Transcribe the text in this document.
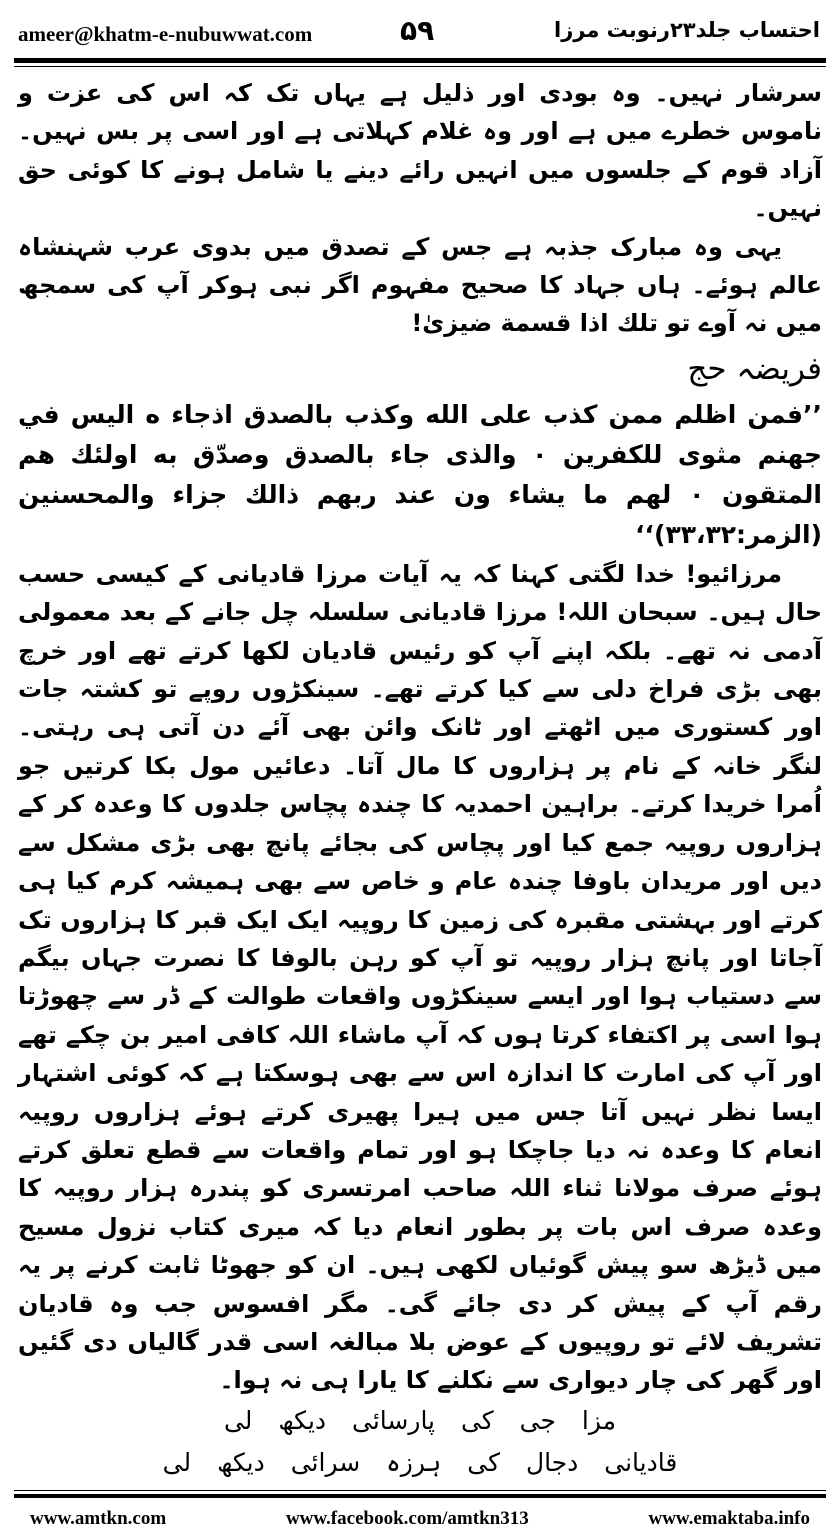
ameer@khatm-e-nubuwwat.com	۵۹	احتساب جلد۲۳رنوبت مرزا

سرشار نہیں۔ وہ بودی اور ذلیل ہے یہاں تک کہ اس کی عزت و ناموس خطرے میں ہے اور وہ غلام کہلاتی ہے اور اسی پر بس نہیں۔ آزاد قوم کے جلسوں میں انہیں رائے دینے یا شامل ہونے کا کوئی حق نہیں۔

یہی وہ مبارک جذبہ ہے جس کے تصدق میں بدوی عرب شہنشاہ عالم ہوئے۔ ہاں جہاد کا صحیح مفہوم اگر نبی ہوکر آپ کی سمجھ میں نہ آوے تو تلك اذا قسمة ضیزیٰ!

فریضہ حج

’’فمن اظلم ممن كذب على الله وكذب بالصدق اذجاء ه اليس في جهنم مثوى للكفرين ۰ والذى جاء بالصدق وصدّق به اولئك هم المتقون ۰ لهم ما يشاء ون عند ربهم ذالك جزاء والمحسنين (الزمر:۳۳،۳۲)‘‘

مرزائیو! خدا لگتی کہنا کہ یہ آیات مرزا قادیانی کے کیسی حسب حال ہیں۔ سبحان اللہ! مرزا قادیانی سلسلہ چل جانے کے بعد معمولی آدمی نہ تھے۔ بلکہ اپنے آپ کو رئیس قادیان لکھا کرتے تھے اور خرچ بھی بڑی فراخ دلی سے کیا کرتے تھے۔ سینکڑوں روپے تو کشتہ جات اور کستوری میں اٹھتے اور ٹانک وائن بھی آئے دن آتی ہی رہتی۔ لنگر خانہ کے نام پر ہزاروں کا مال آتا۔ دعائیں مول بکا کرتیں جو اُمرا خریدا کرتے۔ براہین احمدیہ کا چندہ پچاس جلدوں کا وعدہ کر کے ہزاروں روپیہ جمع کیا اور پچاس کی بجائے پانچ بھی بڑی مشکل سے دیں اور مریدان باوفا چندہ عام و خاص سے بھی ہمیشہ کرم کیا ہی کرتے اور بہشتی مقبرہ کی زمین کا روپیہ ایک ایک قبر کا ہزاروں تک آجاتا اور پانچ ہزار روپیہ تو آپ کو رہن بالوفا کا نصرت جہاں بیگم سے دستیاب ہوا اور ایسے سینکڑوں واقعات طوالت کے ڈر سے چھوڑتا ہوا اسی پر اکتفاء کرتا ہوں کہ آپ ماشاء اللہ کافی امیر بن چکے تھے اور آپ کی امارت کا اندازہ اس سے بھی ہوسکتا ہے کہ کوئی اشتہار ایسا نظر نہیں آتا جس میں ہیرا پھیری کرتے ہوئے ہزاروں روپیہ انعام کا وعدہ نہ دیا جاچکا ہو اور تمام واقعات سے قطع تعلق کرتے ہوئے صرف مولانا ثناء اللہ صاحب امرتسری کو پندرہ ہزار روپیہ کا وعدہ صرف اس بات پر بطور انعام دیا کہ میری کتاب نزول مسیح میں ڈیڑھ سو پیش گوئیاں لکھی ہیں۔ ان کو جھوٹا ثابت کرنے پر یہ رقم آپ کے پیش کر دی جائے گی۔ مگر افسوس جب وہ قادیان تشریف لائے تو روپیوں کے عوض بلا مبالغہ اسی قدر گالیاں دی گئیں اور گھر کی چار دیواری سے نکلنے کا یارا ہی نہ ہوا۔

مزا جی کی پارسائی دیکھ لی

قادیانی دجال کی ہرزہ سرائی دیکھ لی

www.amtkn.com	www.facebook.com/amtkn313	www.emaktaba.info
